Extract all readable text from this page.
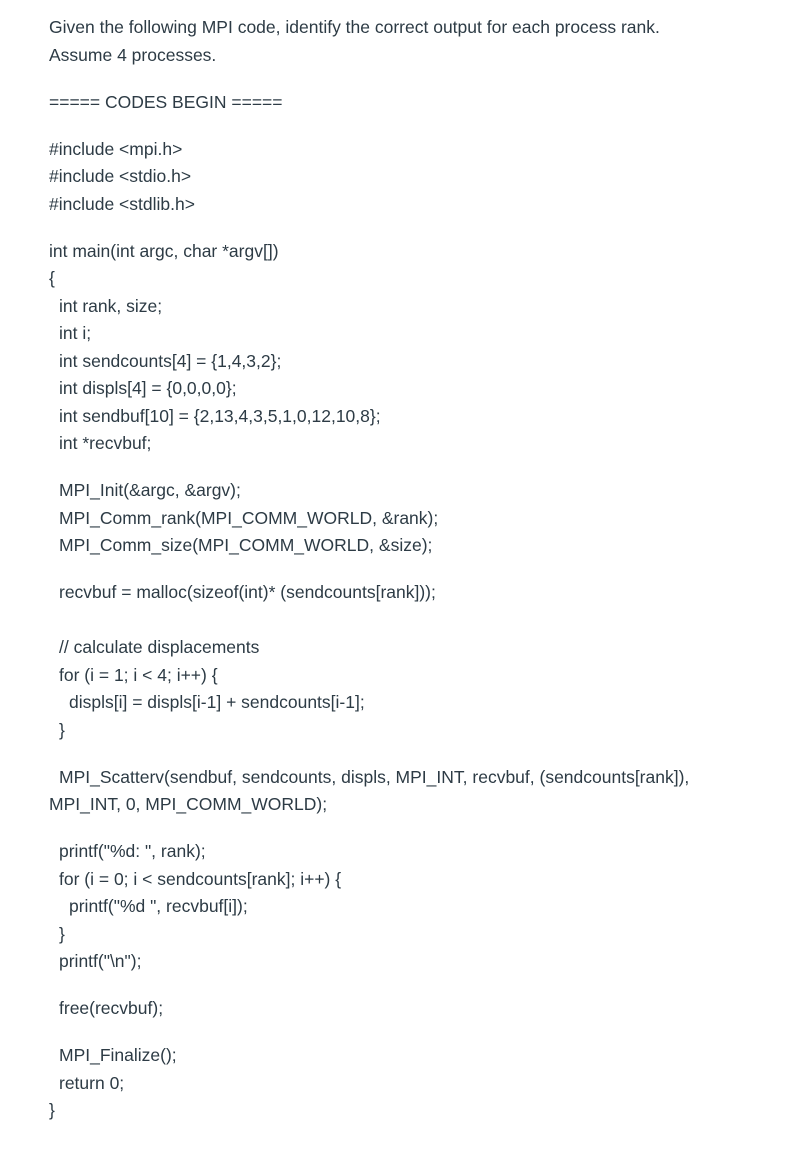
Given the following MPI code, identify the correct output for each process rank.

Assume 4 processes.

===== CODES BEGIN =====

#include <mpi.h>

#include <stdio.h>

#include <stdlib.h>

int main(int argc, char *argv[])

{

int rank, size;

int i;

int sendcounts[4] = {1,4,3,2};

int displs[4] = {0,0,0,0};

int sendbuf[10] = {2,13,4,3,5,1,0,12,10,8};

int *recvbuf;

MPI_Init(&argc, &argv);

MPI_Comm_rank(MPI_COMM_WORLD, &rank);

MPI_Comm_size(MPI_COMM_WORLD, &size);

recvbuf = malloc(sizeof(int)* (sendcounts[rank]));

// calculate displacements

for (i = 1; i < 4; i++) {

displs[i] = displs[i-1] + sendcounts[i-1];

}

MPI_Scatterv(sendbuf, sendcounts, displs, MPI_INT, recvbuf, (sendcounts[rank]),

MPI_INT, 0, MPI_COMM_WORLD);

printf("%d: ", rank);

for (i = 0; i < sendcounts[rank]; i++) {

printf("%d ", recvbuf[i]);

}

printf("\n");

free(recvbuf);

MPI_Finalize();

return 0;

}
